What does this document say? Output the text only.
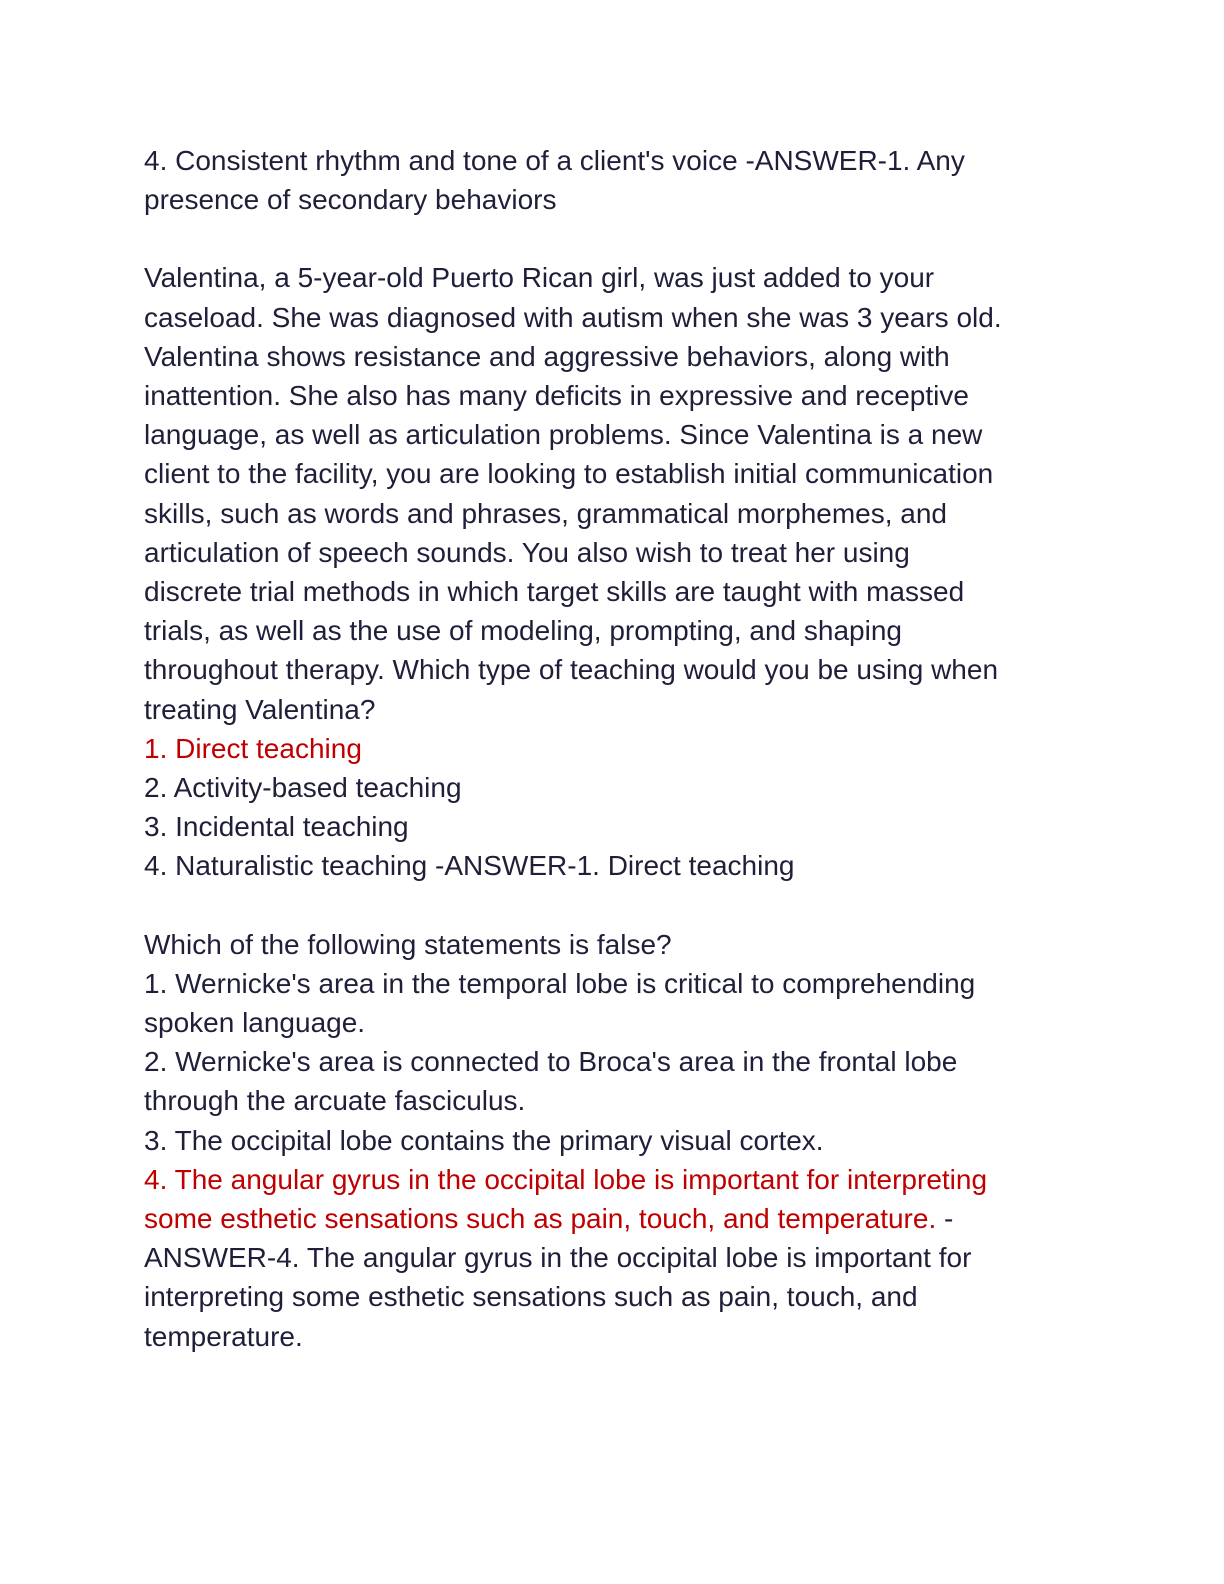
4. Consistent rhythm and tone of a client's voice -ANSWER-1. Any
presence of secondary behaviors
Valentina, a 5-year-old Puerto Rican girl, was just added to your
caseload. She was diagnosed with autism when she was 3 years old.
Valentina shows resistance and aggressive behaviors, along with
inattention. She also has many deficits in expressive and receptive
language, as well as articulation problems. Since Valentina is a new
client to the facility, you are looking to establish initial communication
skills, such as words and phrases, grammatical morphemes, and
articulation of speech sounds. You also wish to treat her using
discrete trial methods in which target skills are taught with massed
trials, as well as the use of modeling, prompting, and shaping
throughout therapy. Which type of teaching would you be using when
treating Valentina?
1. Direct teaching
2. Activity-based teaching
3. Incidental teaching
4. Naturalistic teaching -ANSWER-1. Direct teaching
Which of the following statements is false?
1. Wernicke's area in the temporal lobe is critical to comprehending
spoken language.
2. Wernicke's area is connected to Broca's area in the frontal lobe
through the arcuate fasciculus.
3. The occipital lobe contains the primary visual cortex.
4. The angular gyrus in the occipital lobe is important for interpreting
some esthetic sensations such as pain, touch, and temperature. -
ANSWER-4. The angular gyrus in the occipital lobe is important for
interpreting some esthetic sensations such as pain, touch, and
temperature.
